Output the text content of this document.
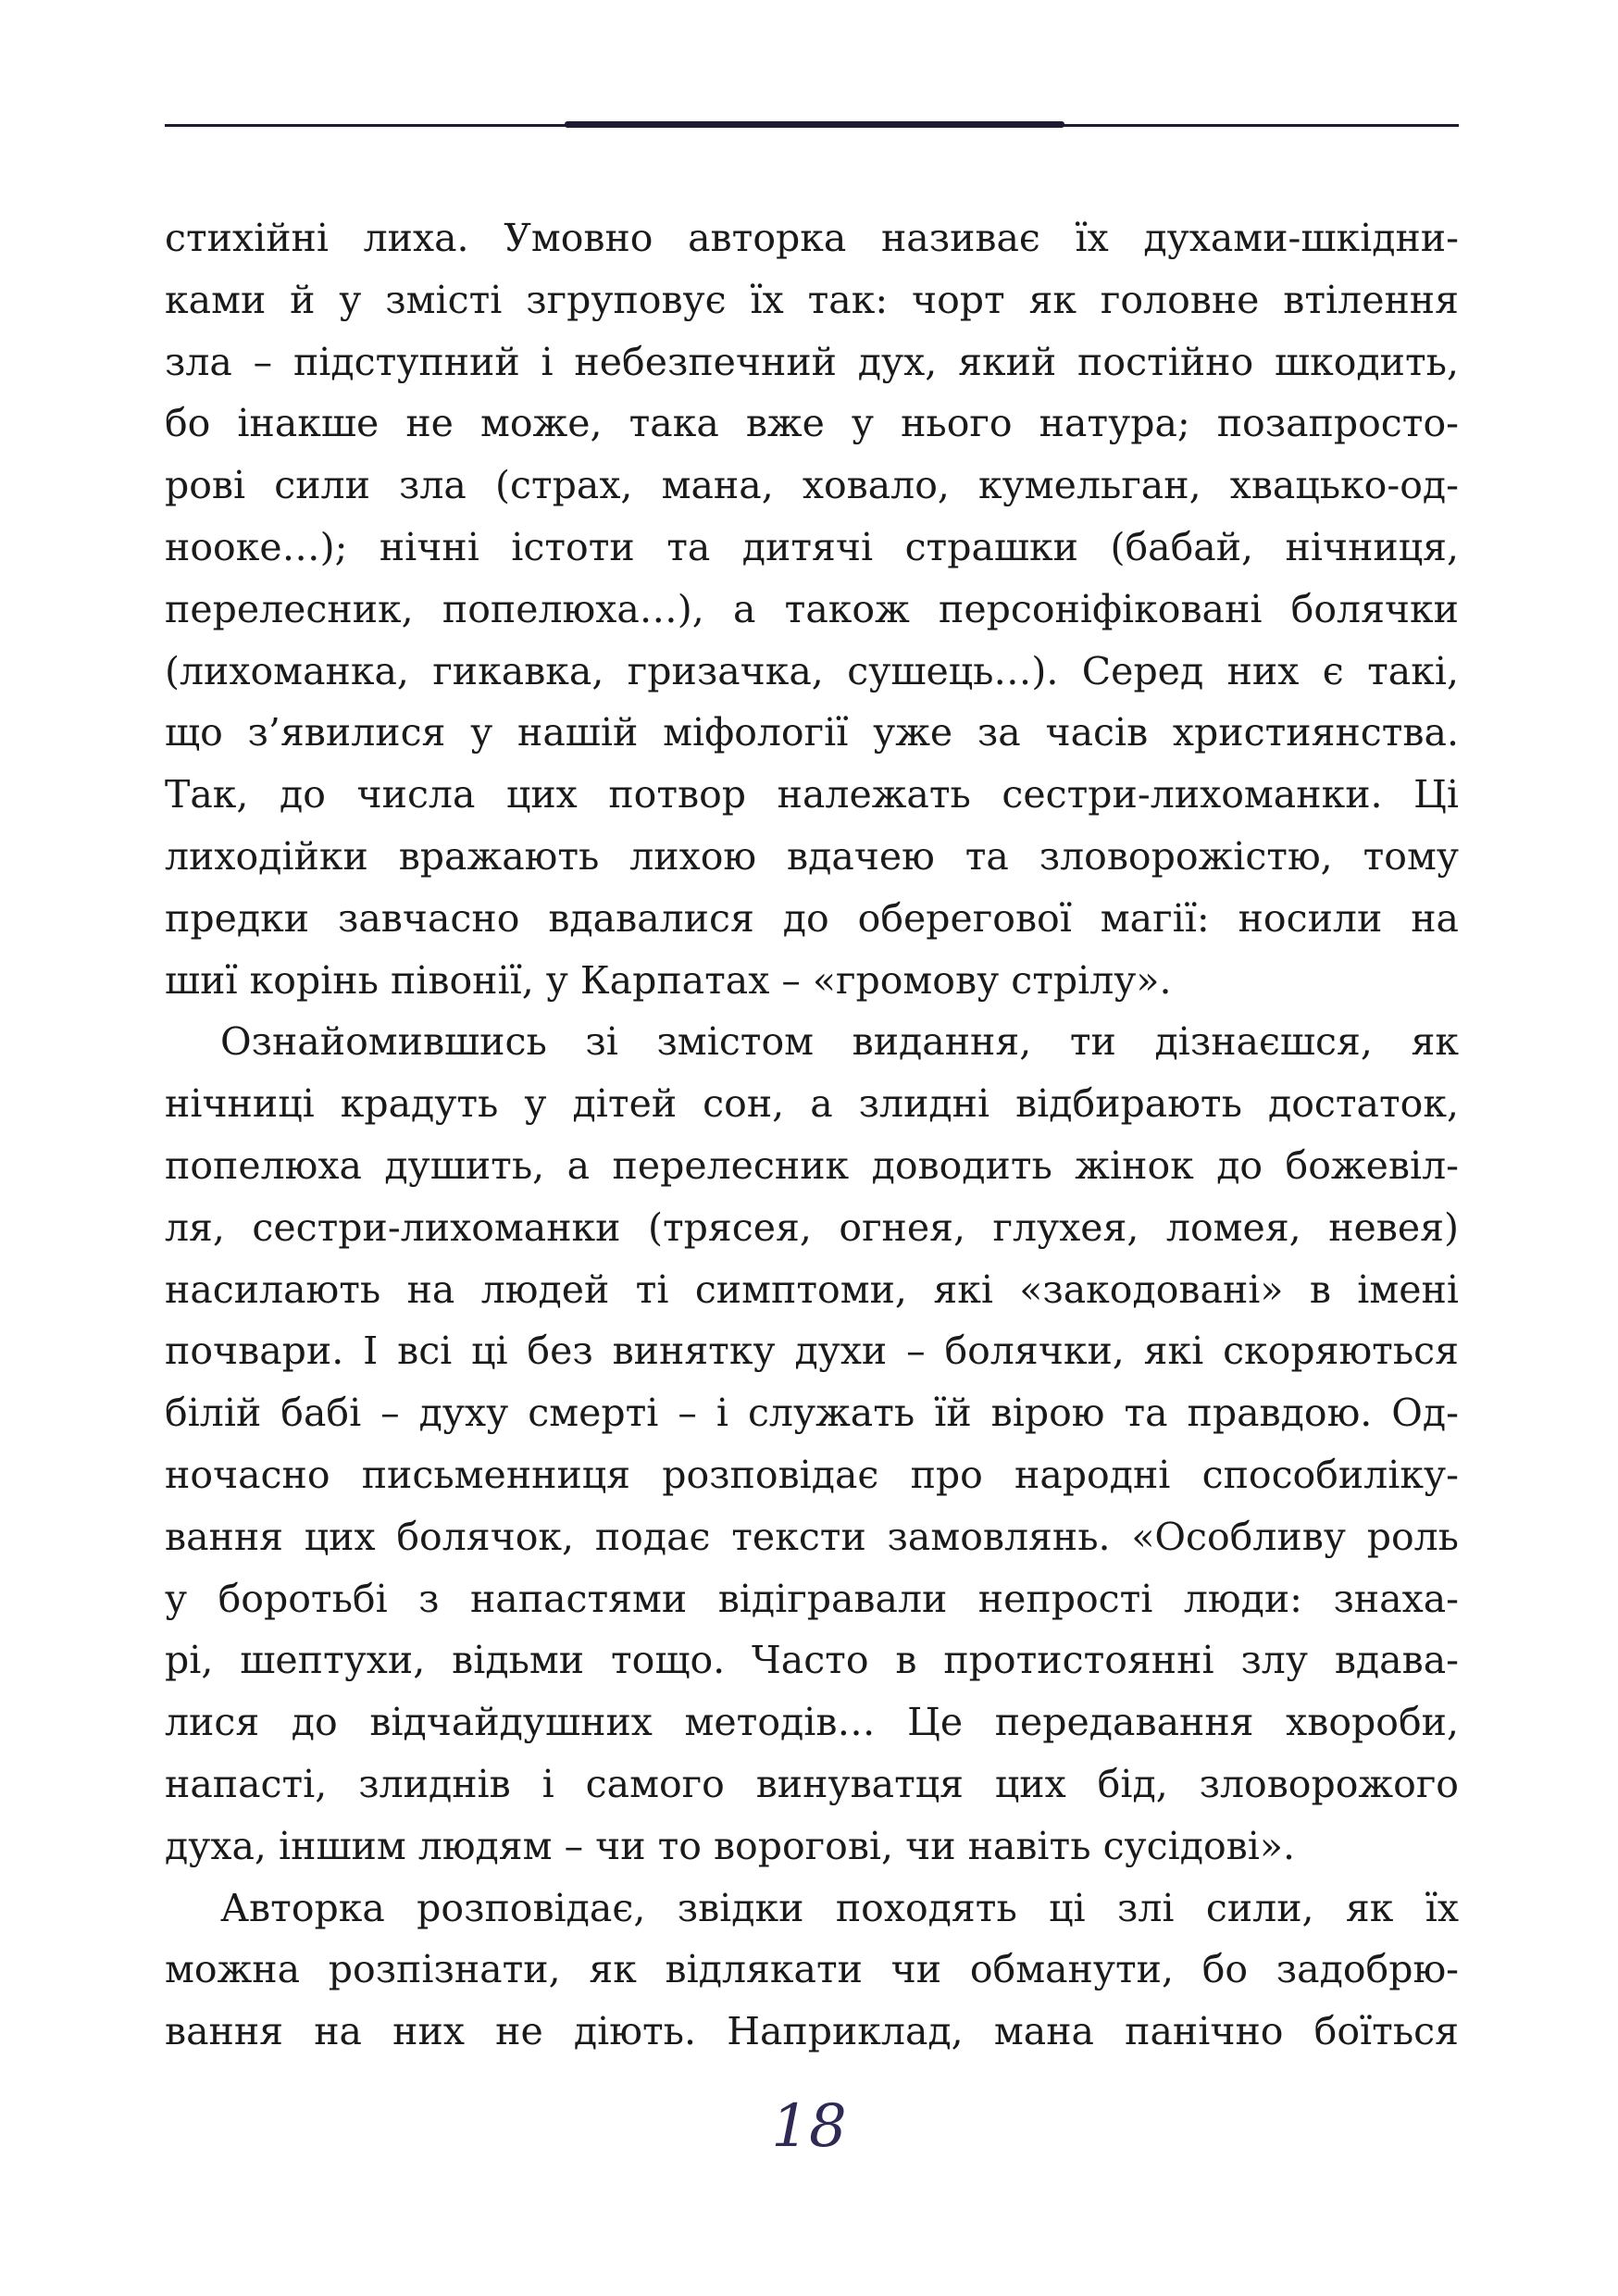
стихійні лиха. Умовно авторка називає їх духами-шкідни-
ками й у змісті згруповує їх так: чорт як головне втілення
зла – підступний і небезпечний дух, який постійно шкодить,
бо інакше не може, така вже у нього натура; позапросто-
рові сили зла (страх, мана, ховало, кумельган, хвацько-од-
нооке…); нічні істоти та дитячі страшки (бабай, нічниця,
перелесник, попелюха…), а також персоніфіковані болячки
(лихоманка, гикавка, гризачка, сушець…). Серед них є такі,
що з’явилися у нашій міфології уже за часів християнства.
Так, до числа цих потвор належать сестри-лихоманки. Ці
лиходійки вражають лихою вдачею та зловорожістю, тому
предки завчасно вдавалися до оберегової магії: носили на
шиї корінь півонії, у Карпатах – «громову стрілу».
Ознайомившись зі змістом видання, ти дізнаєшся, як
нічниці крадуть у дітей сон, а злидні відбирають достаток,
попелюха душить, а перелесник доводить жінок до божевіл-
ля, сестри-лихоманки (трясея, огнея, глухея, ломея, невея)
насилають на людей ті симптоми, які «закодовані» в імені
почвари. І всі ці без винятку духи – болячки, які скоряються
білій бабі – духу смерті – і служать їй вірою та правдою. Од-
ночасно письменниця розповідає про народні способиліку-
вання цих болячок, подає тексти замовлянь. «Особливу роль
у боротьбі з напастями відігравали непрості люди: знаха-
рі, шептухи, відьми тощо. Часто в протистоянні злу вдава-
лися до відчайдушних методів… Це передавання хвороби,
напасті, злиднів і самого винуватця цих бід, зловорожого
духа, іншим людям – чи то ворогові, чи навіть сусідові».
Авторка розповідає, звідки походять ці злі сили, як їх
можна розпізнати, як відлякати чи обманути, бо задобрю-
вання на них не діють. Наприклад, мана панічно боїться
18
